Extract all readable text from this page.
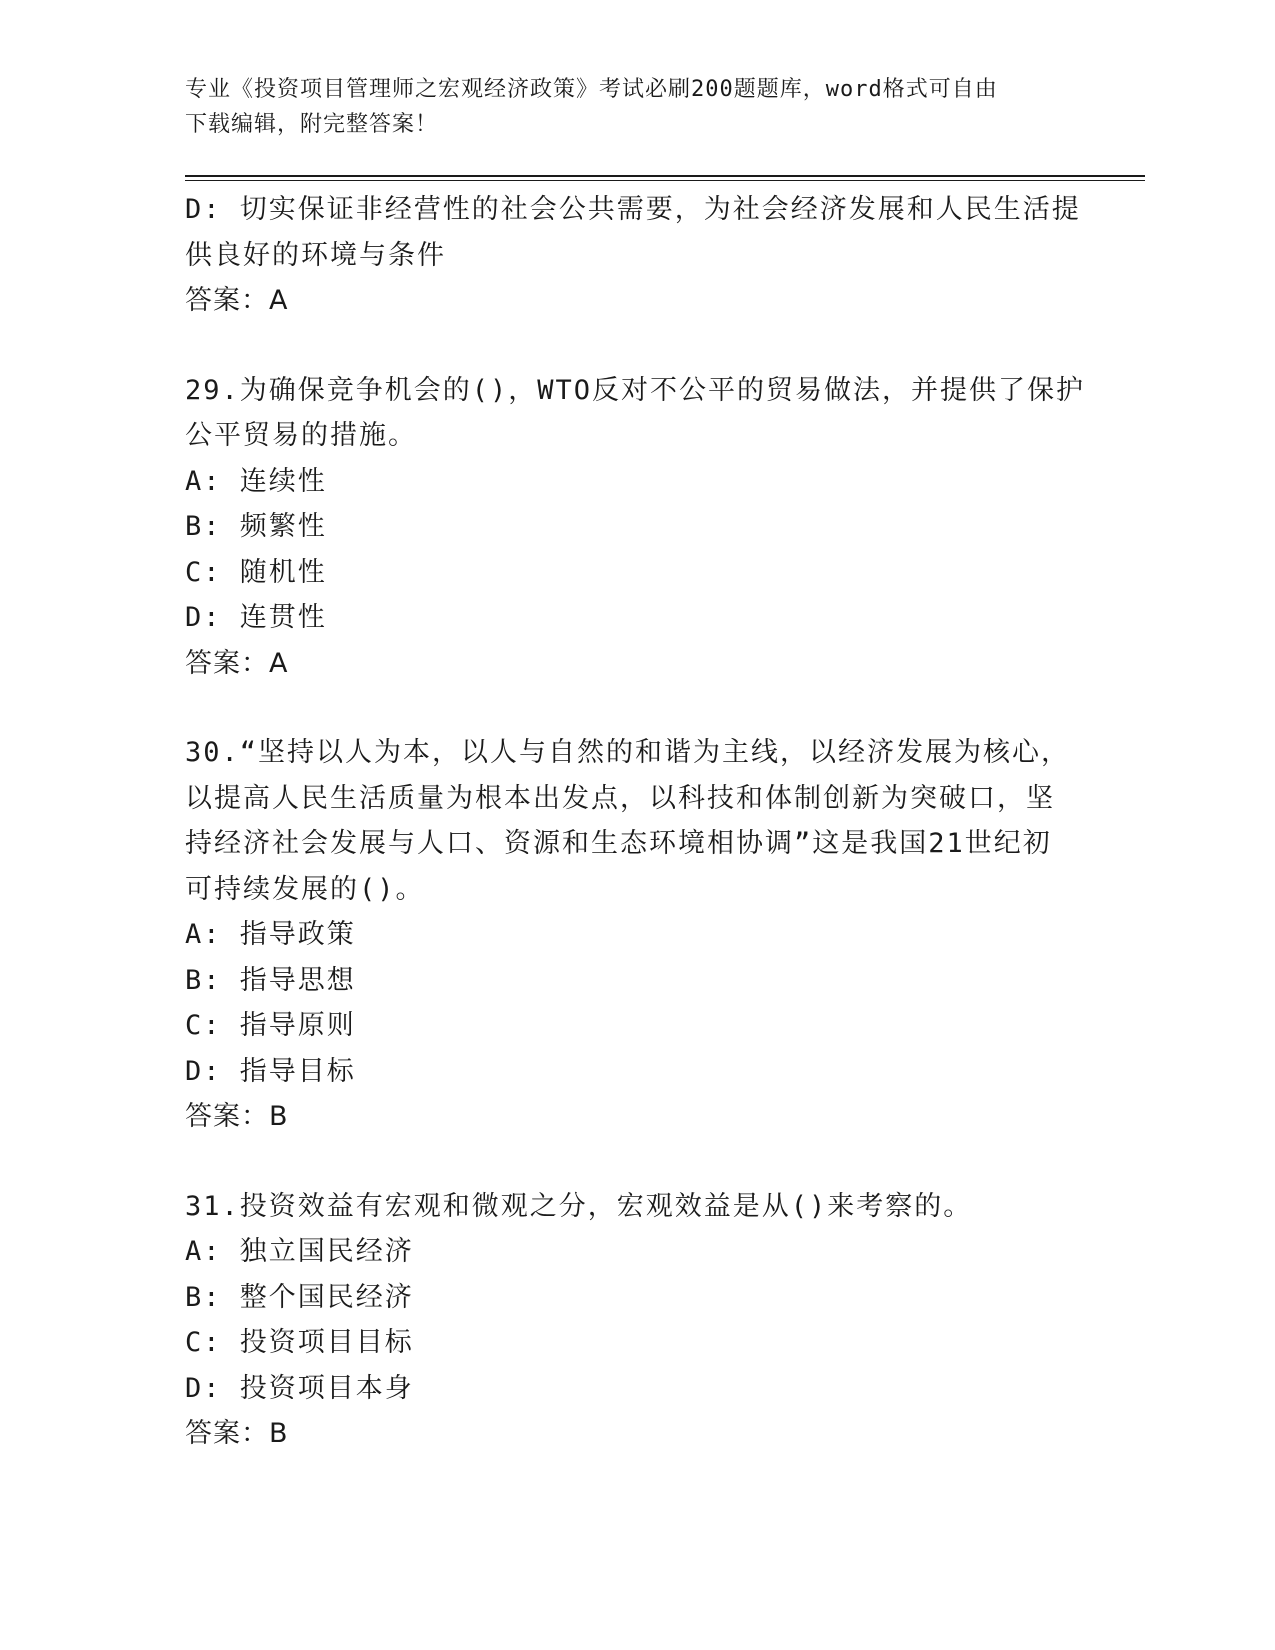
专业《投资项目管理师之宏观经济政策》考试必刷200题题库，word格式可自由
下载编辑，附完整答案！
D: 切实保证非经营性的社会公共需要，为社会经济发展和人民生活提
供良好的环境与条件
答案：A
29.为确保竞争机会的()，WTO反对不公平的贸易做法，并提供了保护
公平贸易的措施。
A: 连续性
B: 频繁性
C: 随机性
D: 连贯性
答案：A
30.“坚持以人为本，以人与自然的和谐为主线，以经济发展为核心，
以提高人民生活质量为根本出发点，以科技和体制创新为突破口，坚
持经济社会发展与人口、资源和生态环境相协调”这是我国21世纪初
可持续发展的()。
A: 指导政策
B: 指导思想
C: 指导原则
D: 指导目标
答案：B
31.投资效益有宏观和微观之分，宏观效益是从()来考察的。
A: 独立国民经济
B: 整个国民经济
C: 投资项目目标
D: 投资项目本身
答案：B
